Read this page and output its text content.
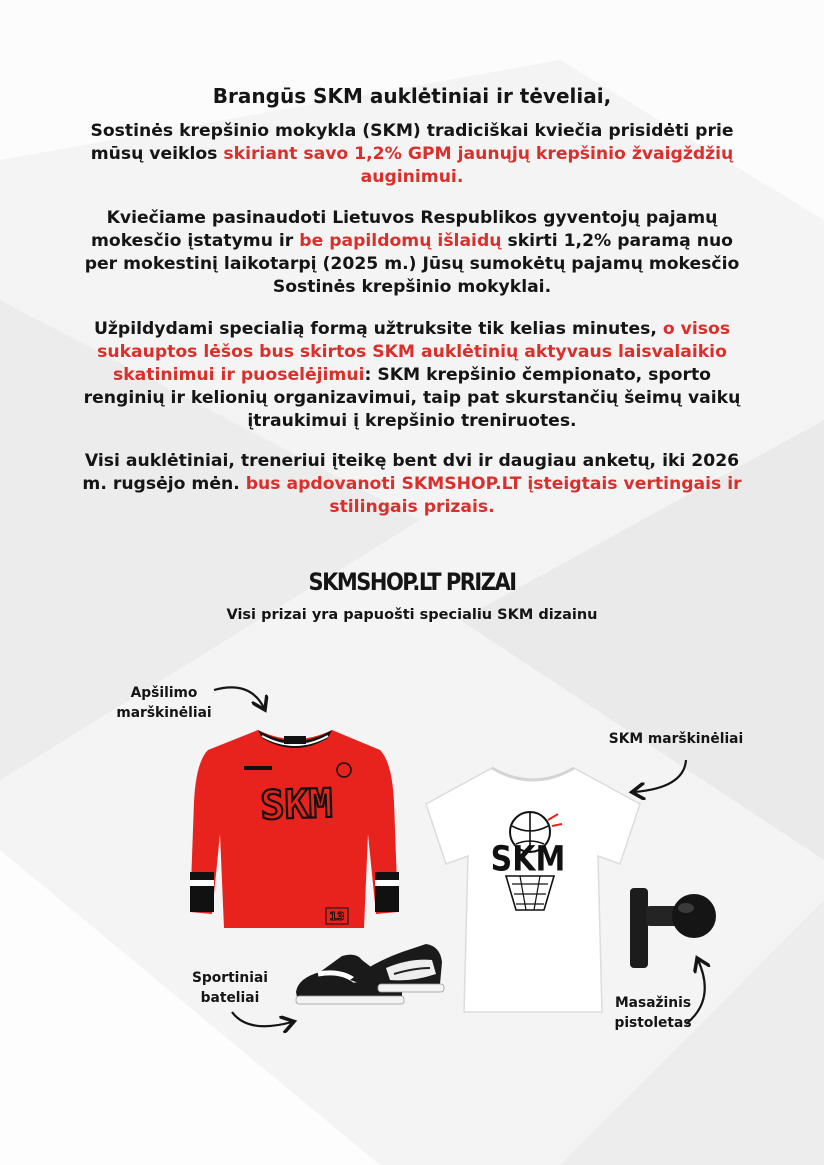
Brangūs SKM auklėtiniai ir tėveliai,
Sostinės krepšinio mokykla (SKM) tradiciškai kviečia prisidėti prie
mūsų veiklos skiriant savo 1,2% GPM jaunųjų krepšinio žvaigždžių
auginimui.
Kviečiame pasinaudoti Lietuvos Respublikos gyventojų pajamų
mokesčio įstatymu ir be papildomų išlaidų skirti 1,2% paramą nuo
per mokestinį laikotarpį (2025 m.) Jūsų sumokėtų pajamų mokesčio
Sostinės krepšinio mokyklai.
Užpildydami specialią formą užtruksite tik kelias minutes, o visos
sukauptos lėšos bus skirtos SKM auklėtinių aktyvaus laisvalaikio
skatinimui ir puoselėjimui: SKM krepšinio čempionato, sporto
renginių ir kelionių organizavimui, taip pat skurstančių šeimų vaikų
įtraukimui į krepšinio treniruotes.
Visi auklėtiniai, treneriui įteikę bent dvi ir daugiau anketų, iki 2026
m. rugsėjo mėn. bus apdovanoti SKMSHOP.LT įsteigtais vertingais ir
stilingais prizais.
SKMSHOP.LT PRIZAI
Visi prizai yra papuošti specialiu SKM dizainu
Apšilimo
marškinėliai
SKM marškinėliai
Sportiniai
bateliai	Masažinis
pistoletas
SKM
13
SKM
